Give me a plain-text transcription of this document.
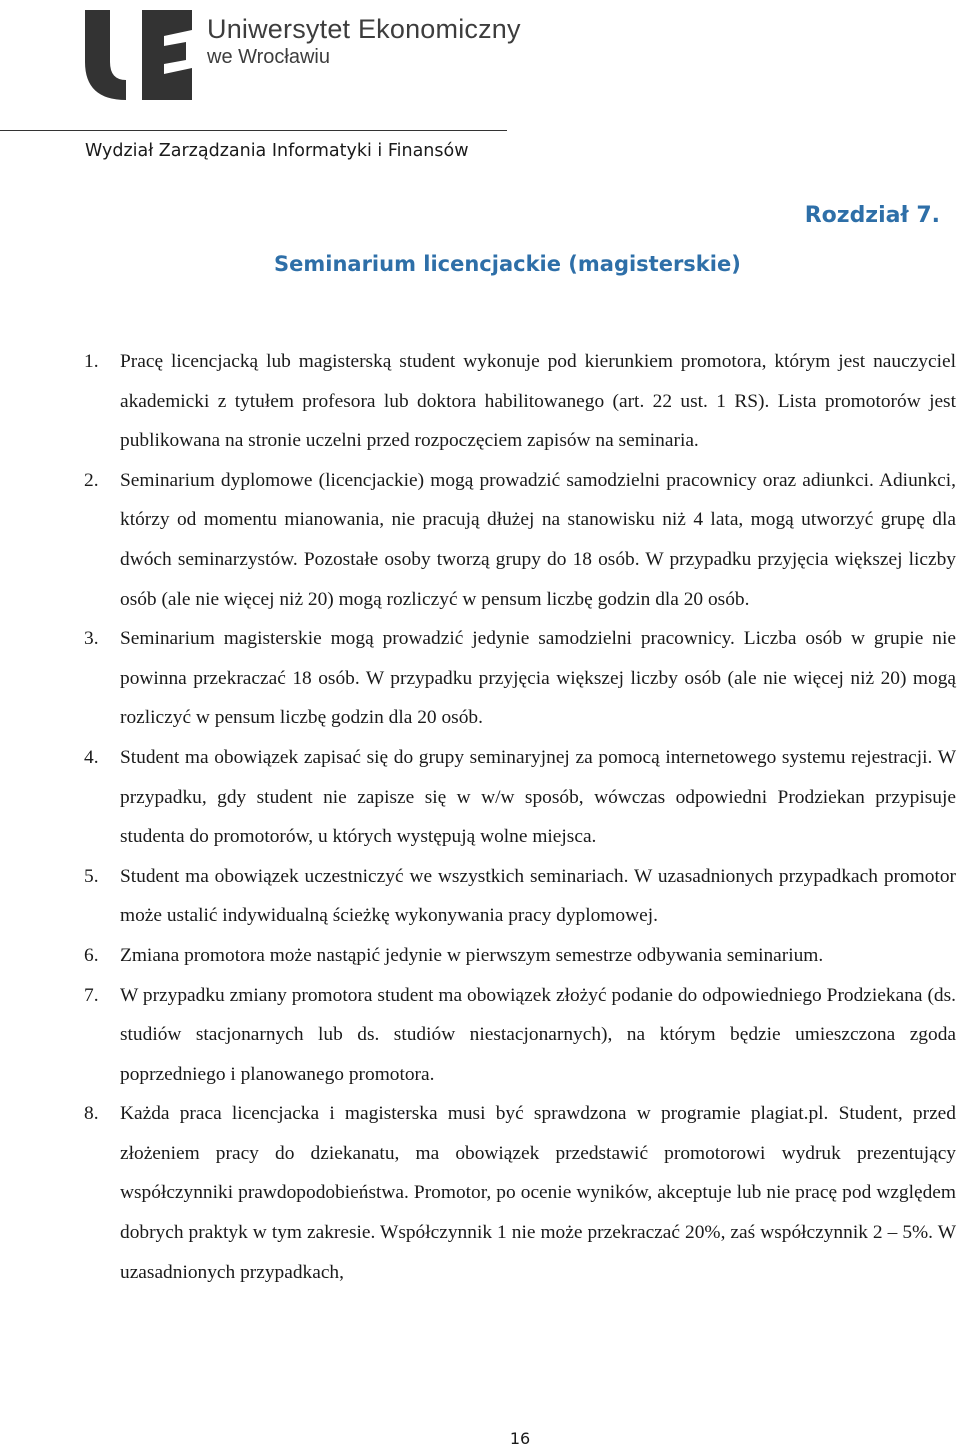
Uniwersytet Ekonomiczny
we Wrocławiu
Wydział Zarządzania Informatyki i Finansów
Rozdział 7.
Seminarium licencjackie (magisterskie)
1. Pracę licencjacką lub magisterską student wykonuje pod kierunkiem promotora, którym jest nauczyciel akademicki z tytułem profesora lub doktora habilitowanego (art. 22 ust. 1 RS). Lista promotorów jest publikowana na stronie uczelni przed rozpoczęciem zapisów na seminaria.
2. Seminarium dyplomowe (licencjackie) mogą prowadzić samodzielni pracownicy oraz adiunkci. Adiunkci, którzy od momentu mianowania, nie pracują dłużej na stanowisku niż 4 lata, mogą utworzyć grupę dla dwóch seminarzystów. Pozostałe osoby tworzą grupy do 18 osób. W przypadku przyjęcia większej liczby osób (ale nie więcej niż 20) mogą rozliczyć w pensum liczbę godzin dla 20 osób.
3. Seminarium magisterskie mogą prowadzić jedynie samodzielni pracownicy. Liczba osób w grupie nie powinna przekraczać 18 osób. W przypadku przyjęcia większej liczby osób (ale nie więcej niż 20) mogą rozliczyć w pensum liczbę godzin dla 20 osób.
4. Student ma obowiązek zapisać się do grupy seminaryjnej za pomocą internetowego systemu rejestracji. W przypadku, gdy student nie zapisze się w w/w sposób, wówczas odpowiedni Prodziekan przypisuje studenta do promotorów, u których występują wolne miejsca.
5. Student ma obowiązek uczestniczyć we wszystkich seminariach. W uzasadnionych przypadkach promotor może ustalić indywidualną ścieżkę wykonywania pracy dyplomowej.
6. Zmiana promotora może nastąpić jedynie w pierwszym semestrze odbywania seminarium.
7. W przypadku zmiany promotora student ma obowiązek złożyć podanie do odpowiedniego Prodziekana (ds. studiów stacjonarnych lub ds. studiów niestacjonarnych), na którym będzie umieszczona zgoda poprzedniego i planowanego promotora.
8. Każda praca licencjacka i magisterska musi być sprawdzona w programie plagiat.pl. Student, przed złożeniem pracy do dziekanatu, ma obowiązek przedstawić promotorowi wydruk prezentujący współczynniki prawdopodobieństwa. Promotor, po ocenie wyników, akceptuje lub nie pracę pod względem dobrych praktyk w tym zakresie. Współczynnik 1 nie może przekraczać 20%, zaś współczynnik 2 – 5%. W uzasadnionych przypadkach,
16
